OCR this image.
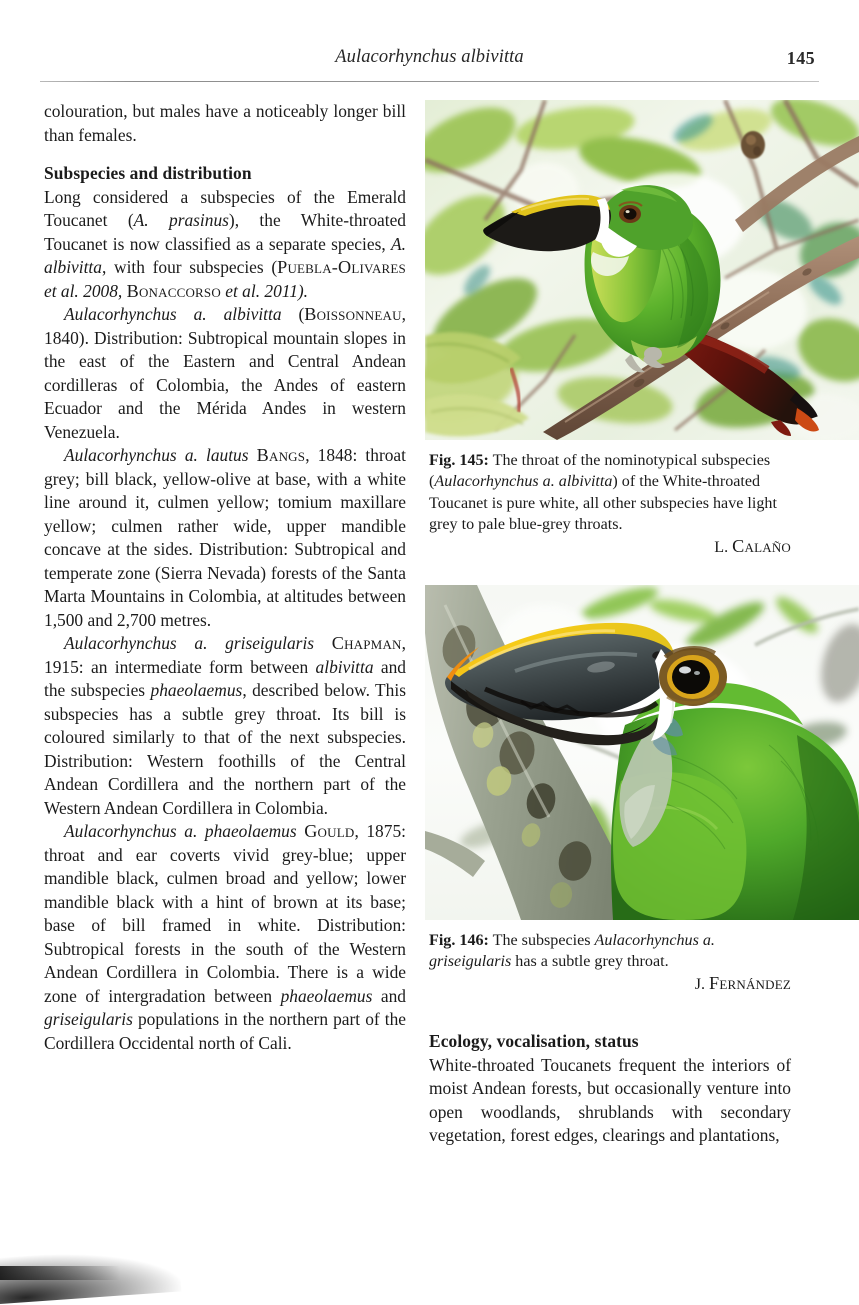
Aulacorhynchus albivitta	145

colouration, but males have a noticeably longer bill than females.

Subspecies and distribution

Long considered a subspecies of the Emerald Toucanet (A. prasinus), the White-throated Toucanet is now classified as a separate species, A. albivitta, with four subspecies (Puebla-Olivares et al. 2008, Bonaccorso et al. 2011).

Aulacorhynchus a. albivitta (Boissonneau, 1840). Distribution: Subtropical mountain slopes in the east of the Eastern and Central Andean cordilleras of Colombia, the Andes of eastern Ecuador and the Mérida Andes in western Venezuela.

Aulacorhynchus a. lautus Bangs, 1848: throat grey; bill black, yellow-olive at base, with a white line around it, culmen yellow; tomium maxillare yellow; culmen rather wide, upper mandible concave at the sides. Distribution: Subtropical and temperate zone (Sierra Nevada) forests of the Santa Marta Mountains in Colombia, at altitudes between 1,500 and 2,700 metres.

Aulacorhynchus a. griseigularis Chapman, 1915: an intermediate form between albivitta and the subspecies phaeolaemus, described below. This subspecies has a subtle grey throat. Its bill is coloured similarly to that of the next subspecies. Distribution: Western foothills of the Central Andean Cordillera and the northern part of the Western Andean Cordillera in Colombia.

Aulacorhynchus a. phaeolaemus Gould, 1875: throat and ear coverts vivid grey-blue; upper mandible black, culmen broad and yellow; lower mandible black with a hint of brown at its base; base of bill framed in white. Distribution: Subtropical forests in the south of the Western Andean Cordillera in Colombia. There is a wide zone of intergradation between phaeolaemus and griseigularis populations in the northern part of the Cordillera Occidental north of Cali.

Fig. 145: The throat of the nominotypical subspecies (Aulacorhynchus a. albivitta) of the White-throated Toucanet is pure white, all other subspecies have light grey to pale blue-grey throats.
L. Calaño
Fig. 146: The subspecies Aulacorhynchus a. griseigularis has a subtle grey throat.
J. Fernández
Ecology, vocalisation, status

White-throated Toucanets frequent the interiors of moist Andean forests, but occasionally venture into open woodlands, shrublands with secondary vegetation, forest edges, clearings and plantations,
